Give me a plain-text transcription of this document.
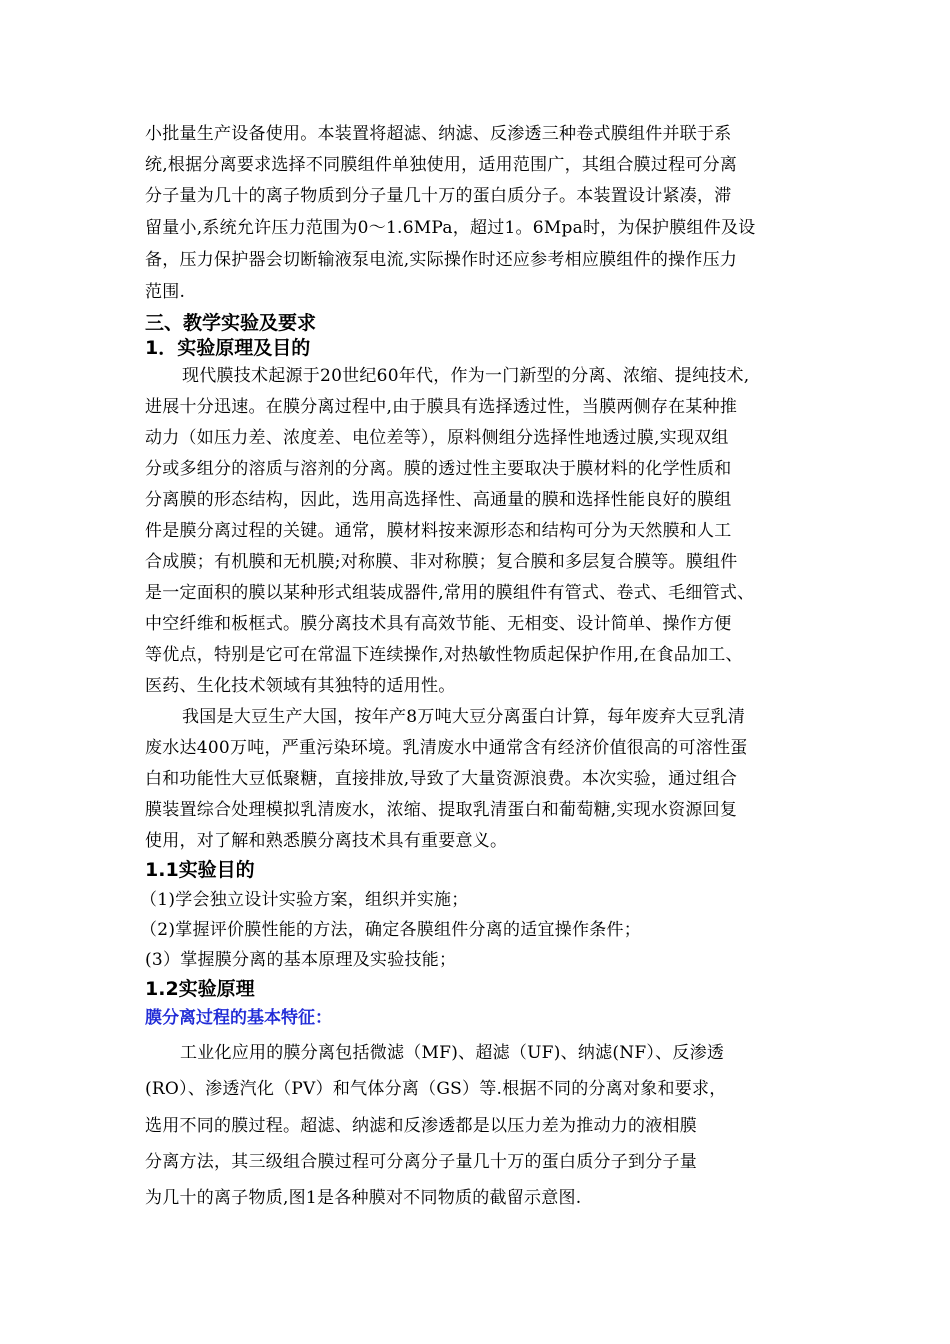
小批量生产设备使用。本装置将超滤、纳滤、反渗透三种卷式膜组件并联于系
统,根据分离要求选择不同膜组件单独使用，适用范围广，其组合膜过程可分离
分子量为几十的离子物质到分子量几十万的蛋白质分子。本装置设计紧凑，滞
留量小,系统允许压力范围为0～1.6MPa，超过1。6Mpa时，为保护膜组件及设
备，压力保护器会切断输液泵电流,实际操作时还应参考相应膜组件的操作压力
范围.
三、教学实验及要求
1．实验原理及目的
现代膜技术起源于20世纪60年代，作为一门新型的分离、浓缩、提纯技术,
进展十分迅速。在膜分离过程中,由于膜具有选择透过性，当膜两侧存在某种推
动力（如压力差、浓度差、电位差等），原料侧组分选择性地透过膜,实现双组
分或多组分的溶质与溶剂的分离。膜的透过性主要取决于膜材料的化学性质和
分离膜的形态结构，因此，选用高选择性、高通量的膜和选择性能良好的膜组
件是膜分离过程的关键。通常，膜材料按来源形态和结构可分为天然膜和人工
合成膜；有机膜和无机膜;对称膜、非对称膜；复合膜和多层复合膜等。膜组件
是一定面积的膜以某种形式组装成器件,常用的膜组件有管式、卷式、毛细管式、
中空纤维和板框式。膜分离技术具有高效节能、无相变、设计简单、操作方便
等优点，特别是它可在常温下连续操作,对热敏性物质起保护作用,在食品加工、
医药、生化技术领域有其独特的适用性。
我国是大豆生产大国，按年产8万吨大豆分离蛋白计算，每年废弃大豆乳清
废水达400万吨，严重污染环境。乳清废水中通常含有经济价值很高的可溶性蛋
白和功能性大豆低聚糖，直接排放,导致了大量资源浪费。本次实验，通过组合
膜装置综合处理模拟乳清废水，浓缩、提取乳清蛋白和葡萄糖,实现水资源回复
使用，对了解和熟悉膜分离技术具有重要意义。
1.1实验目的
（1)学会独立设计实验方案，组织并实施；
（2)掌握评价膜性能的方法，确定各膜组件分离的适宜操作条件；
(3）掌握膜分离的基本原理及实验技能；
1.2实验原理
膜分离过程的基本特征：
工业化应用的膜分离包括微滤（MF)、超滤（UF)、纳滤(NF）、反渗透
(RO）、渗透汽化（PV）和气体分离（GS）等.根据不同的分离对象和要求，
选用不同的膜过程。超滤、纳滤和反渗透都是以压力差为推动力的液相膜
分离方法，其三级组合膜过程可分离分子量几十万的蛋白质分子到分子量
为几十的离子物质,图1是各种膜对不同物质的截留示意图.
